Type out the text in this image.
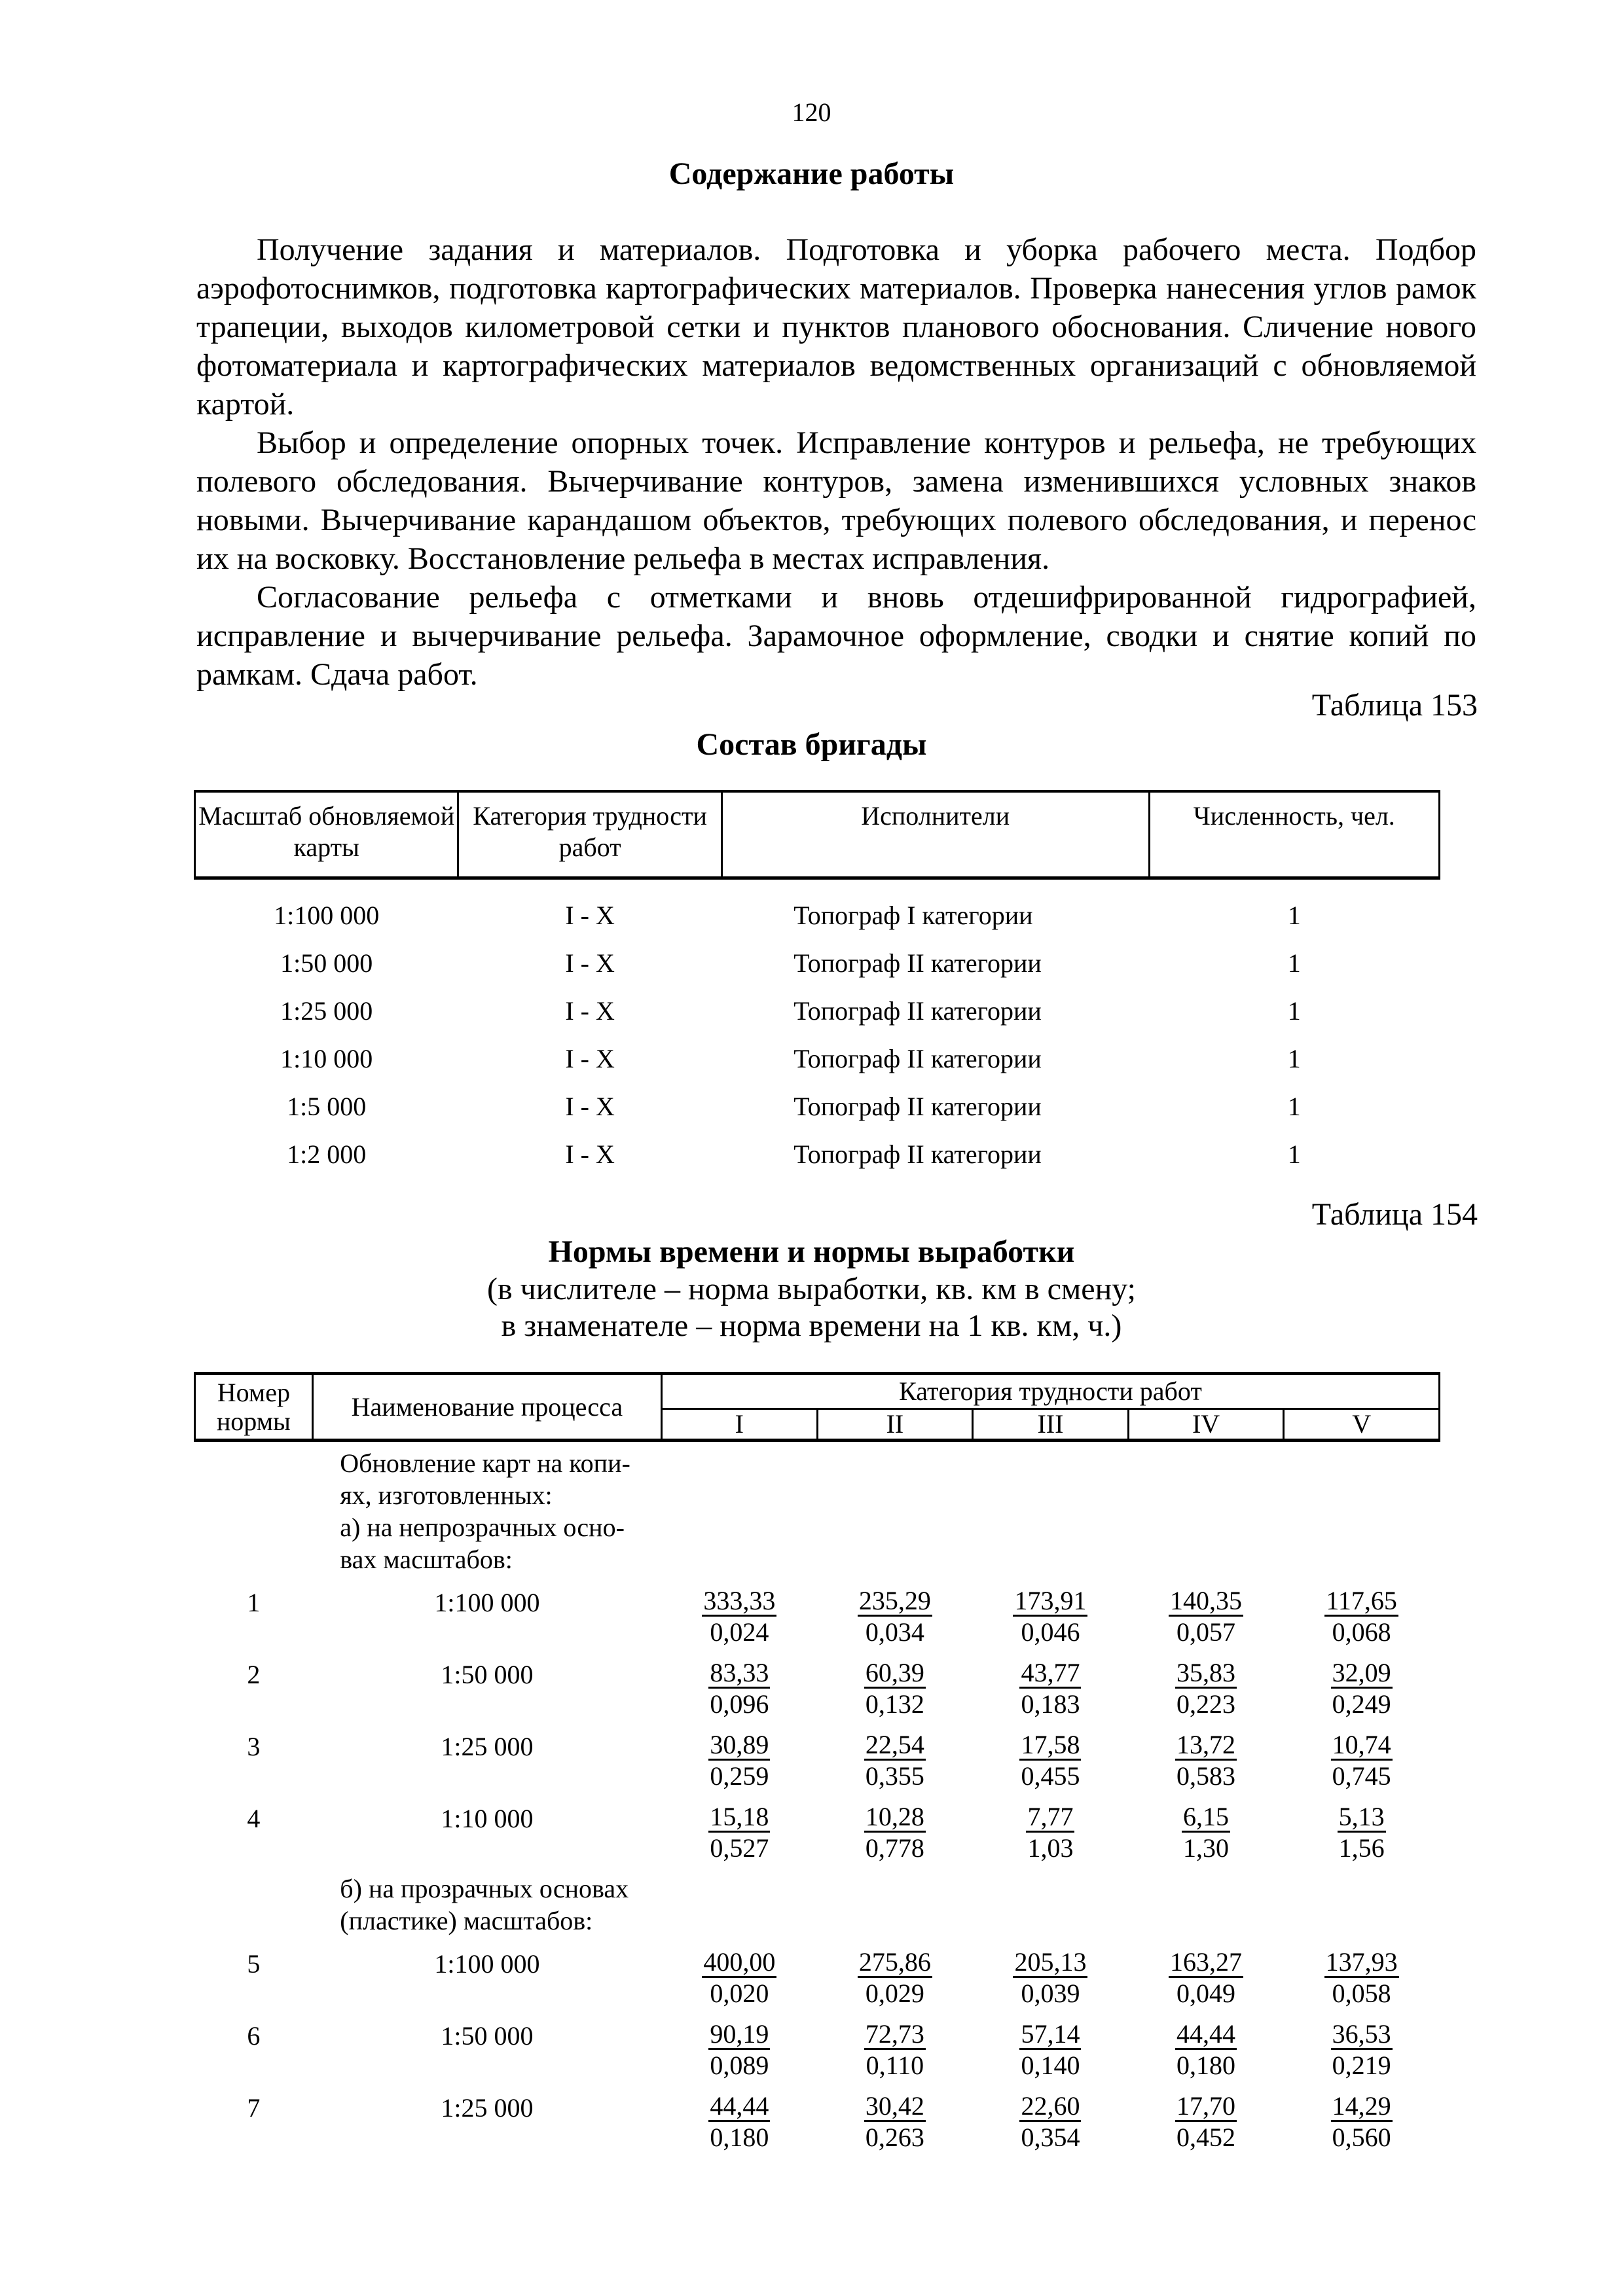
120
Содержание работы

Получение задания и материалов. Подготовка и уборка рабочего места. Подбор аэрофотоснимков, подготовка картографических материалов. Проверка нанесения углов рамок трапеции, выходов километровой сетки и пунктов планового обоснования. Сличение нового фотоматериала и картографических материалов ведомственных организаций с обновляемой картой.

Выбор и определение опорных точек. Исправление контуров и рельефа, не требующих полевого обследования. Вычерчивание контуров, замена изменившихся условных знаков новыми. Вычерчивание карандашом объектов, требующих полевого обследования, и перенос их на восковку. Восстановление рельефа в местах исправления.

Согласование рельефа с отметками и вновь отдешифрированной гидрографией, исправление и вычерчивание рельефа. Зарамочное оформление, сводки и снятие копий по рамкам. Сдача работ.

Таблица 153
Состав бригады
Масштаб обновляемой карты	Категория трудности работ	Исполнители	Численность, чел.
1:100 000	I - X	Топограф I категории	1
1:50 000	I - X	Топограф II категории	1
1:25 000	I - X	Топограф II категории	1
1:10 000	I - X	Топограф II категории	1
1:5 000	I - X	Топограф II категории	1
1:2 000	I - X	Топограф II категории	1
Таблица 154
Нормы времени и нормы выработки
(в числителе – норма выработки, кв. км в смену;
в знаменателе – норма времени на 1 кв. км, ч.)
Номер нормы	Наименование процесса	Категория трудности работ				
		I	II	III	IV	V

	Обновление карт на копи-
ях, изготовленных:
а) на непрозрачных осно-
вах масштабов:					

1	1:100 000	$\frac{333,33}{0,024}$	$\frac{235,29}{0,034}$	$\frac{173,91}{0,046}$	$\frac{140,35}{0,057}$	$\frac{117,65}{0,068}$

2	1:50 000	$\frac{83,33}{0,096}$	$\frac{60,39}{0,132}$	$\frac{43,77}{0,183}$	$\frac{35,83}{0,223}$	$\frac{32,09}{0,249}$

3	1:25 000	$\frac{30,89}{0,259}$	$\frac{22,54}{0,355}$	$\frac{17,58}{0,455}$	$\frac{13,72}{0,583}$	$\frac{10,74}{0,745}$

4	1:10 000	$\frac{15,18}{0,527}$	$\frac{10,28}{0,778}$	$\frac{7,77}{1,03}$	$\frac{6,15}{1,30}$	$\frac{5,13}{1,56}$

	б) на прозрачных основах
(пластике) масштабов:					

5	1:100 000	$\frac{400,00}{0,020}$	$\frac{275,86}{0,029}$	$\frac{205,13}{0,039}$	$\frac{163,27}{0,049}$	$\frac{137,93}{0,058}$

6	1:50 000	$\frac{90,19}{0,089}$	$\frac{72,73}{0,110}$	$\frac{57,14}{0,140}$	$\frac{44,44}{0,180}$	$\frac{36,53}{0,219}$

7	1:25 000	$\frac{44,44}{0,180}$	$\frac{30,42}{0,263}$	$\frac{22,60}{0,354}$	$\frac{17,70}{0,452}$	$\frac{14,29}{0,560}$
